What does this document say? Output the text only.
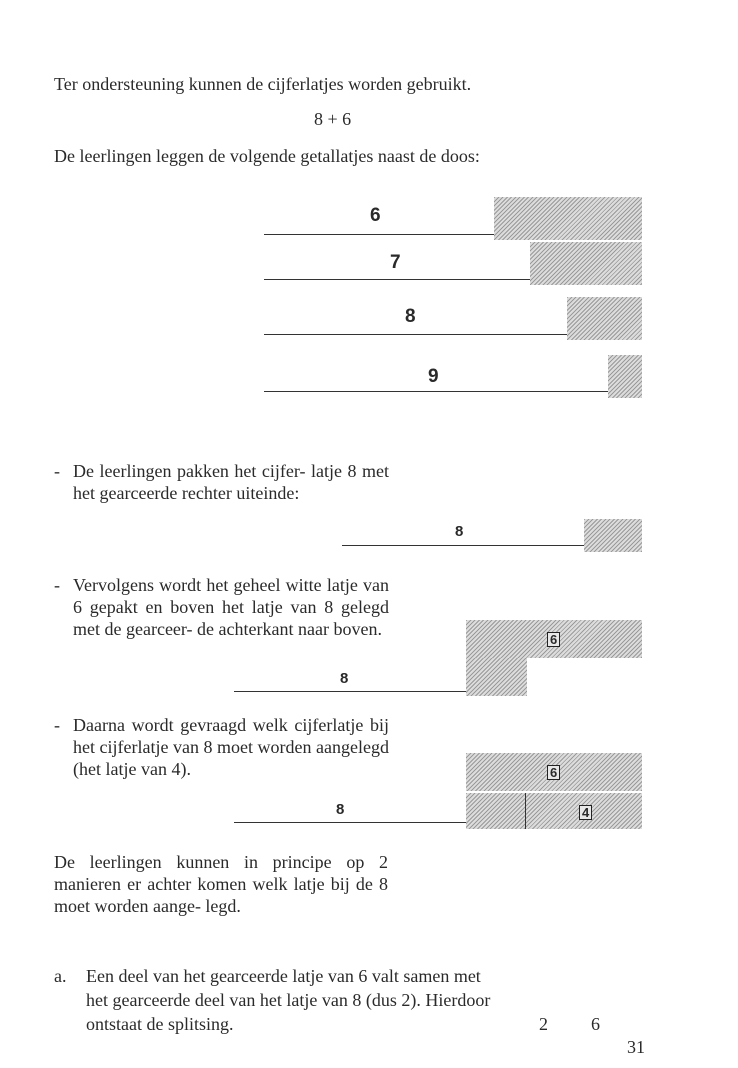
Ter ondersteuning kunnen de cijferlatjes worden gebruikt.
8 + 6
De leerlingen leggen de volgende getallatjes naast de doos:
6
7
8
9
- De leerlingen pakken het cijfer- latje 8 met het gearceerde rechter uiteinde:
8
- Vervolgens wordt het geheel witte latje van 6 gepakt en boven het latje van 8 gelegd met de gearceer- de achterkant naar boven.
6
8
- Daarna wordt gevraagd welk cijferlatje bij het cijferlatje van 8 moet worden aangelegd (het latje van 4).	6
4
8
De leerlingen kunnen in principe op 2 manieren er achter komen welk latje bij de 8 moet worden aange- legd.
a. Een deel van het gearceerde latje van 6 valt samen met
het gearceerde deel van het latje van 8 (dus 2). Hierdoor
ontstaat de splitsing.	2 6
31
